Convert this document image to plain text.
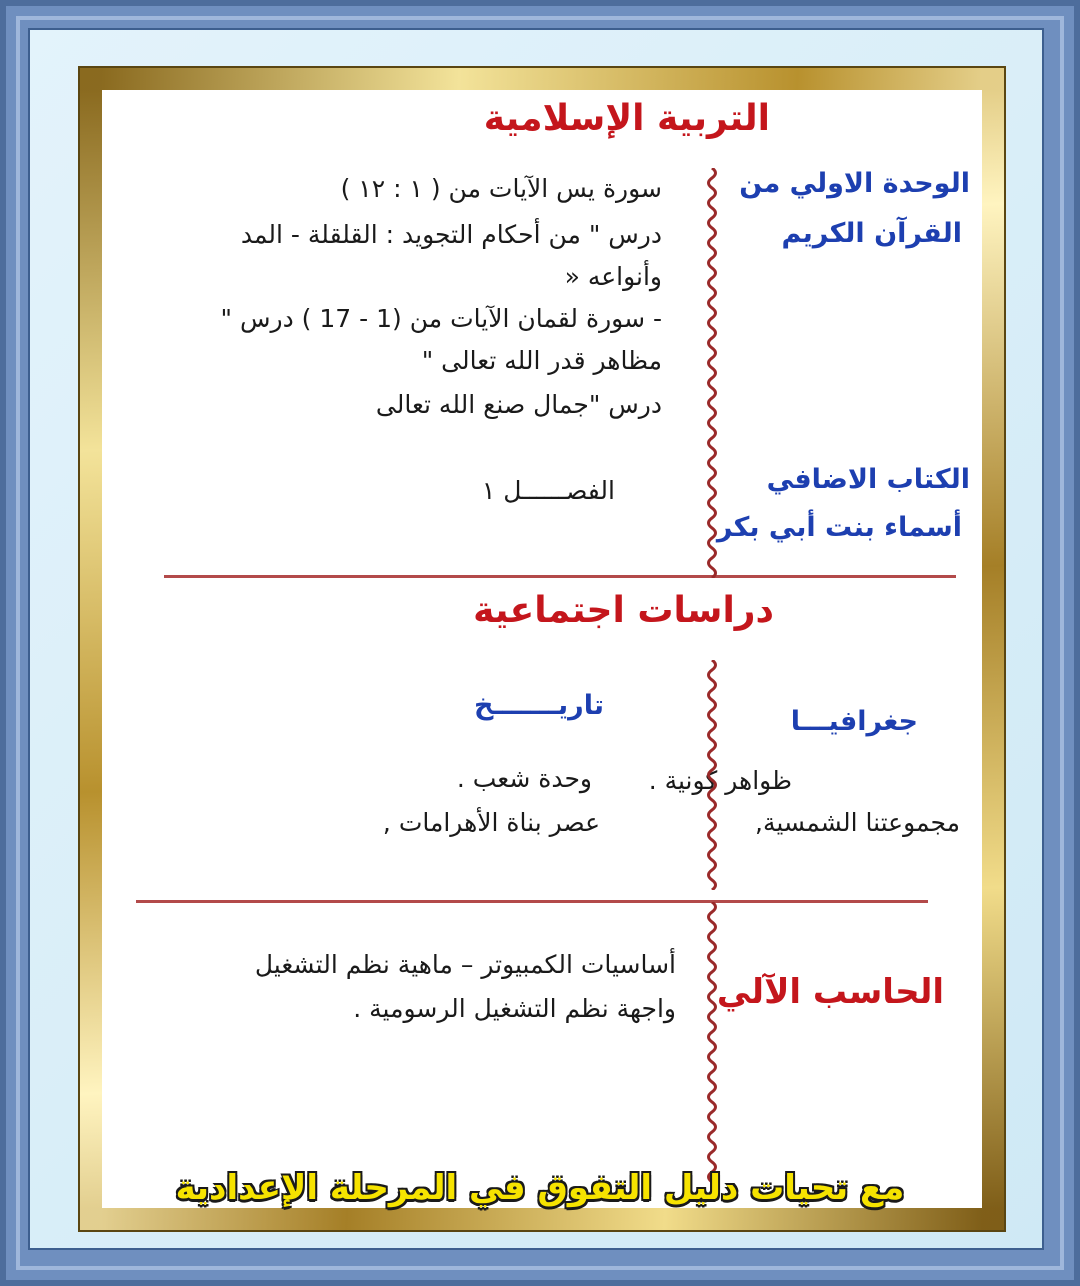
التربية الإسلامية
الوحدة الاولي من
القرآن الكريم
سورة يس الآيات من ( ١ : ١٢ )
درس " من أحكام التجويد : القلقلة - المد
وأنواعه «
- سورة لقمان الآيات من (1 - 17 ) درس "
مظاهر قدر الله تعالى "
درس "جمال صنع الله تعالى
الكتاب الاضافي
أسماء بنت أبي بكر
الفصــــــل ١
دراسات اجتماعية
تاريـــــــخ
وحدة شعب .
عصر بناة الأهرامات ,
جغرافيـــا
ظواهر كونية .
مجموعتنا الشمسية,
الحاسب الآلي
أساسيات الكمبيوتر – ماهية نظم التشغيل
واجهة نظم التشغيل الرسومية .
مع تحيات دليل التفوق في المرحلة الإعدادية
